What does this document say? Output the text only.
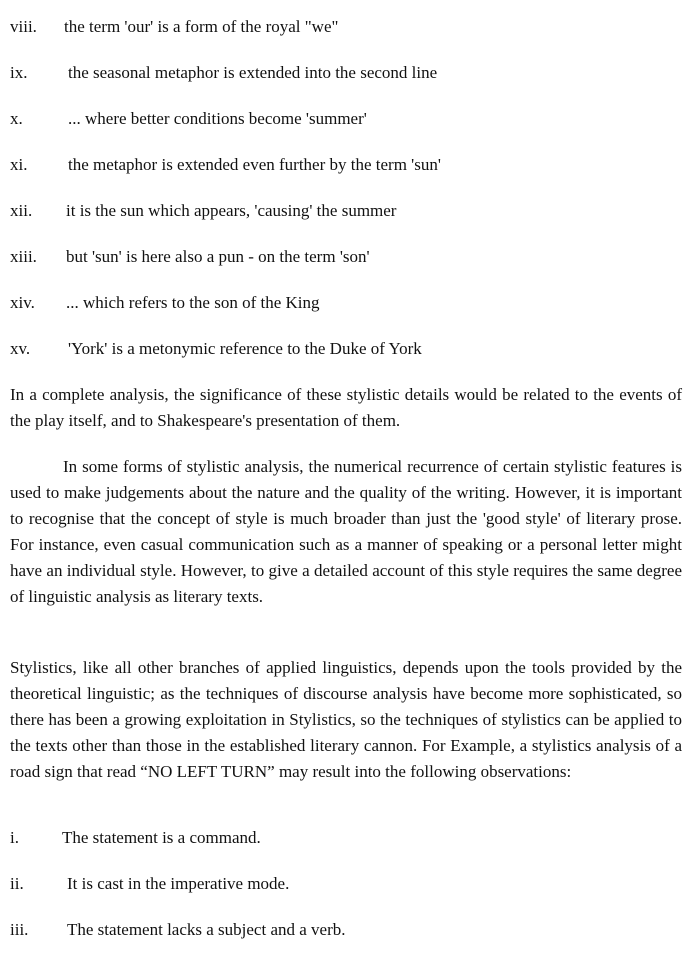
viii. the term 'our' is a form of the royal "we"
ix. the seasonal metaphor is extended into the second line
x.	... where better conditions become 'summer'
xi. the metaphor is extended even further by the term 'sun'
xii. it is the sun which appears, 'causing' the summer
xiii. but 'sun' is here also a pun - on the term 'son'
xiv. ... which refers to the son of the King
xv. 'York' is a metonymic reference to the Duke of York

In a complete analysis, the significance of these stylistic details would be related to the events of the play itself, and to Shakespeare's presentation of them.

In some forms of stylistic analysis, the numerical recurrence of certain stylistic features is used to make judgements about the nature and the quality of the writing. However, it is important to recognise that the concept of style is much broader than just the 'good style' of literary prose. For instance, even casual communication such as a manner of speaking or a personal letter might have an individual style. However, to give a detailed account of this style requires the same degree of linguistic analysis as literary texts.

Stylistics, like all other branches of applied linguistics, depends upon the tools provided by the theoretical linguistic; as the techniques of discourse analysis have become more sophisticated, so there has been a growing exploitation in Stylistics, so the techniques of stylistics can be applied to the texts other than those in the established literary cannon. For Example, a stylistics analysis of a road sign that read “NO LEFT TURN” may result into the following observations:

i.	The statement is a command.
ii.	It is cast in the imperative mode.
iii. The statement lacks a subject and a verb.
